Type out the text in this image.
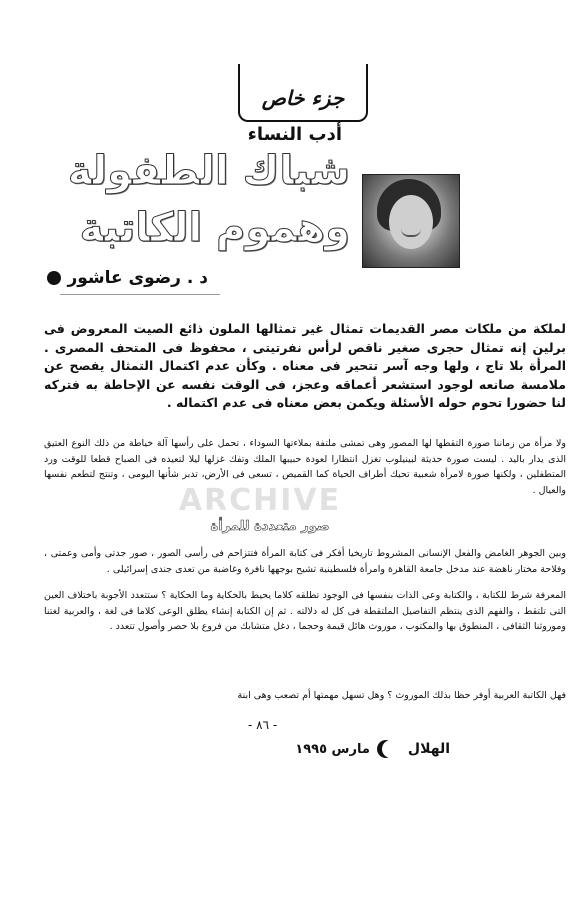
جزء خاص
أدب النساء
شباك الطفولة
وهموم الكاتبة
د . رضوى عاشور
لملكة من ملكات مصر القديمات تمثال غير تمثالها الملون ذائع الصيت المعروض فى برلين إنه تمثال حجرى صغير ناقص لرأس نفرتيتى ، محفوظ فى المتحف المصرى . المرأة بلا تاج ، ولها وجه آسر تتحير فى معناه . وكأن عدم اكتمال التمثال يفصح عن ملامسة صانعه لوجود استشعر أعماقه وعجز، فى الوقت نفسه عن الإحاطة به فتركه لنا حضورا تحوم حوله الأسئلة ويكمن بعض معناه فى عدم اكتماله .
ولا مرأة من زماننا صورة التقطها لها المصور وهى تمشى ملتفة بملاءتها السوداء ، تحمل على رأسها آلة خياطة من ذلك النوع العتيق الذى يدار باليد . ليست صورة حديثة لبينيلوب تغزل انتظارا لعودة حبيبها الملك وتفك غزلها ليلا لتعيده فى الصباح قطعا للوقت ورد المتطفلين ، ولكنها صورة لامرأة شعبية تحيك أطراف الحياة كما القميص ، تسعى فى الأرض، تدبر شأنها اليومى ، وتنتج لتطعم نفسها والعيال .
ARCHIVE
صور متعددة للمرأة
وبين الجوهر الغامض والفعل الإنسانى المشروط تاريخيا أفكر فى كتابة المرأة فتتزاحم فى رأسى الصور ، صور جدتى وأمى وعمتى ، وفلاحة مختار ناهضة عند مدخل جامعة القاهرة وامرأة فلسطينية تشيح بوجهها نافرة وغاضبة من تعدى جندى إسرائيلى .
المعرفة شرط للكتابة ، والكتابة وعى الذات بنفسها فى الوجود تطلقه كلاما يحيط بالحكاية وما الحكاية ؟ ستتعدد الأجوبة باختلاف العين التى تلتقط ، والفهم الذى ينتظم التفاصيل الملتقطة فى كل له دلالته . ثم إن الكتابة إنشاء يطلق الوعى كلاما فى لغة ، والعربية لغتنا وموروثنا الثقافى ، المنطوق بها والمكتوب ، موروث هائل قيمة وحجما ، دغل متشابك من فروع بلا حصر وأصول تتعدد .
فهل الكاتبة العربية أوفر حظا بذلك الموروث ؟ وهل تسهل مهمتها أم تصعب وهى ابنة
- ٨٦ -
الهلال
مارس ١٩٩٥
